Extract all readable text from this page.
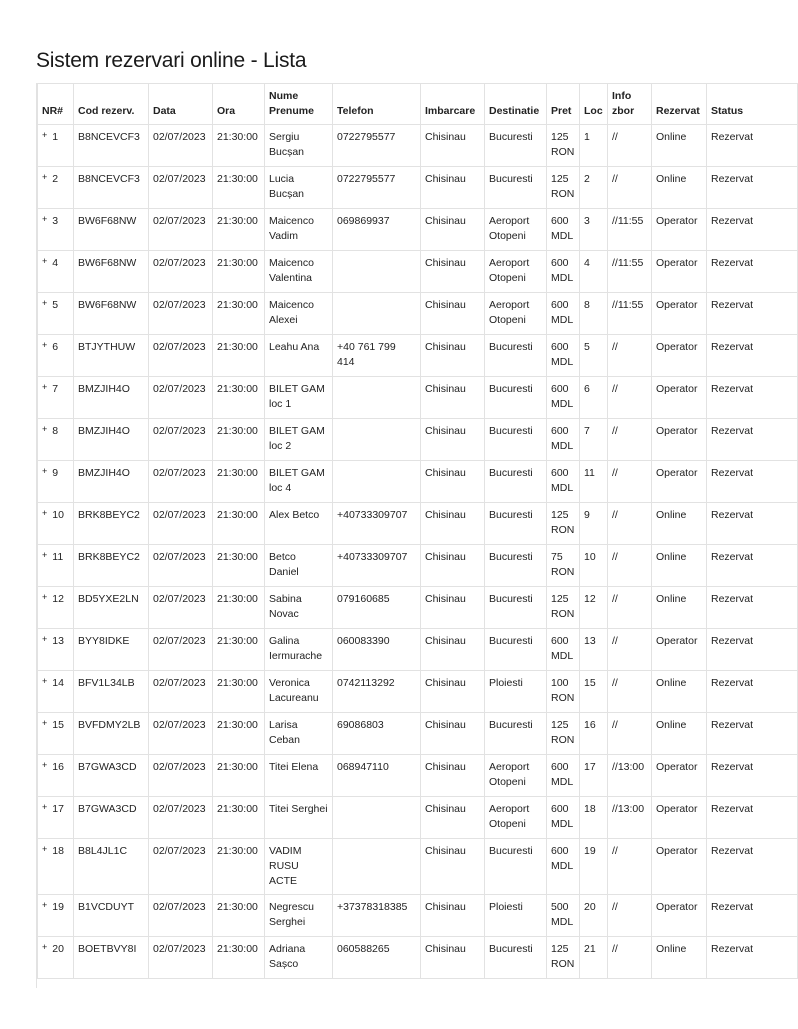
Sistem rezervari online - Lista
NR#	Cod rezerv.	Data	Ora	Nume Prenume	Telefon	Imbarcare	Destinatie	Pret	Loc	Info zbor	Rezervat	Status
+ 1	B8NCEVCF3	02/07/2023	21:30:00	Sergiu Bucșan	0722795577	Chisinau	Bucuresti	125 RON	1	//	Online	Rezervat
+ 2	B8NCEVCF3	02/07/2023	21:30:00	Lucia Bucșan	0722795577	Chisinau	Bucuresti	125 RON	2	//	Online	Rezervat
+ 3	BW6F68NW	02/07/2023	21:30:00	Maicenco Vadim	069869937	Chisinau	Aeroport Otopeni	600 MDL	3	//11:55	Operator	Rezervat
+ 4	BW6F68NW	02/07/2023	21:30:00	Maicenco Valentina		Chisinau	Aeroport Otopeni	600 MDL	4	//11:55	Operator	Rezervat
+ 5	BW6F68NW	02/07/2023	21:30:00	Maicenco Alexei		Chisinau	Aeroport Otopeni	600 MDL	8	//11:55	Operator	Rezervat
+ 6	BTJYTHUW	02/07/2023	21:30:00	Leahu Ana	+40 761 799 414	Chisinau	Bucuresti	600 MDL	5	//	Operator	Rezervat
+ 7	BMZJIH4O	02/07/2023	21:30:00	BILET GAM loc 1		Chisinau	Bucuresti	600 MDL	6	//	Operator	Rezervat
+ 8	BMZJIH4O	02/07/2023	21:30:00	BILET GAM loc 2		Chisinau	Bucuresti	600 MDL	7	//	Operator	Rezervat
+ 9	BMZJIH4O	02/07/2023	21:30:00	BILET GAM loc 4		Chisinau	Bucuresti	600 MDL	11	//	Operator	Rezervat
+ 10	BRK8BEYC2	02/07/2023	21:30:00	Alex Betco	+40733309707	Chisinau	Bucuresti	125 RON	9	//	Online	Rezervat
+ 11	BRK8BEYC2	02/07/2023	21:30:00	Betco Daniel	+40733309707	Chisinau	Bucuresti	75 RON	10	//	Online	Rezervat
+ 12	BD5YXE2LN	02/07/2023	21:30:00	Sabina Novac	079160685	Chisinau	Bucuresti	125 RON	12	//	Online	Rezervat
+ 13	BYY8IDKE	02/07/2023	21:30:00	Galina Iermurache	060083390	Chisinau	Bucuresti	600 MDL	13	//	Operator	Rezervat
+ 14	BFV1L34LB	02/07/2023	21:30:00	Veronica Lacureanu	0742113292	Chisinau	Ploiesti	100 RON	15	//	Online	Rezervat
+ 15	BVFDMY2LB	02/07/2023	21:30:00	Larisa Ceban	69086803	Chisinau	Bucuresti	125 RON	16	//	Online	Rezervat
+ 16	B7GWA3CD	02/07/2023	21:30:00	Titei Elena	068947110	Chisinau	Aeroport Otopeni	600 MDL	17	//13:00	Operator	Rezervat
+ 17	B7GWA3CD	02/07/2023	21:30:00	Titei Serghei		Chisinau	Aeroport Otopeni	600 MDL	18	//13:00	Operator	Rezervat
+ 18	B8L4JL1C	02/07/2023	21:30:00	VADIM RUSU ACTE		Chisinau	Bucuresti	600 MDL	19	//	Operator	Rezervat
+ 19	B1VCDUYT	02/07/2023	21:30:00	Negrescu Serghei	+37378318385	Chisinau	Ploiesti	500 MDL	20	//	Operator	Rezervat
+ 20	BOETBVY8I	02/07/2023	21:30:00	Adriana Sașco	060588265	Chisinau	Bucuresti	125 RON	21	//	Online	Rezervat
